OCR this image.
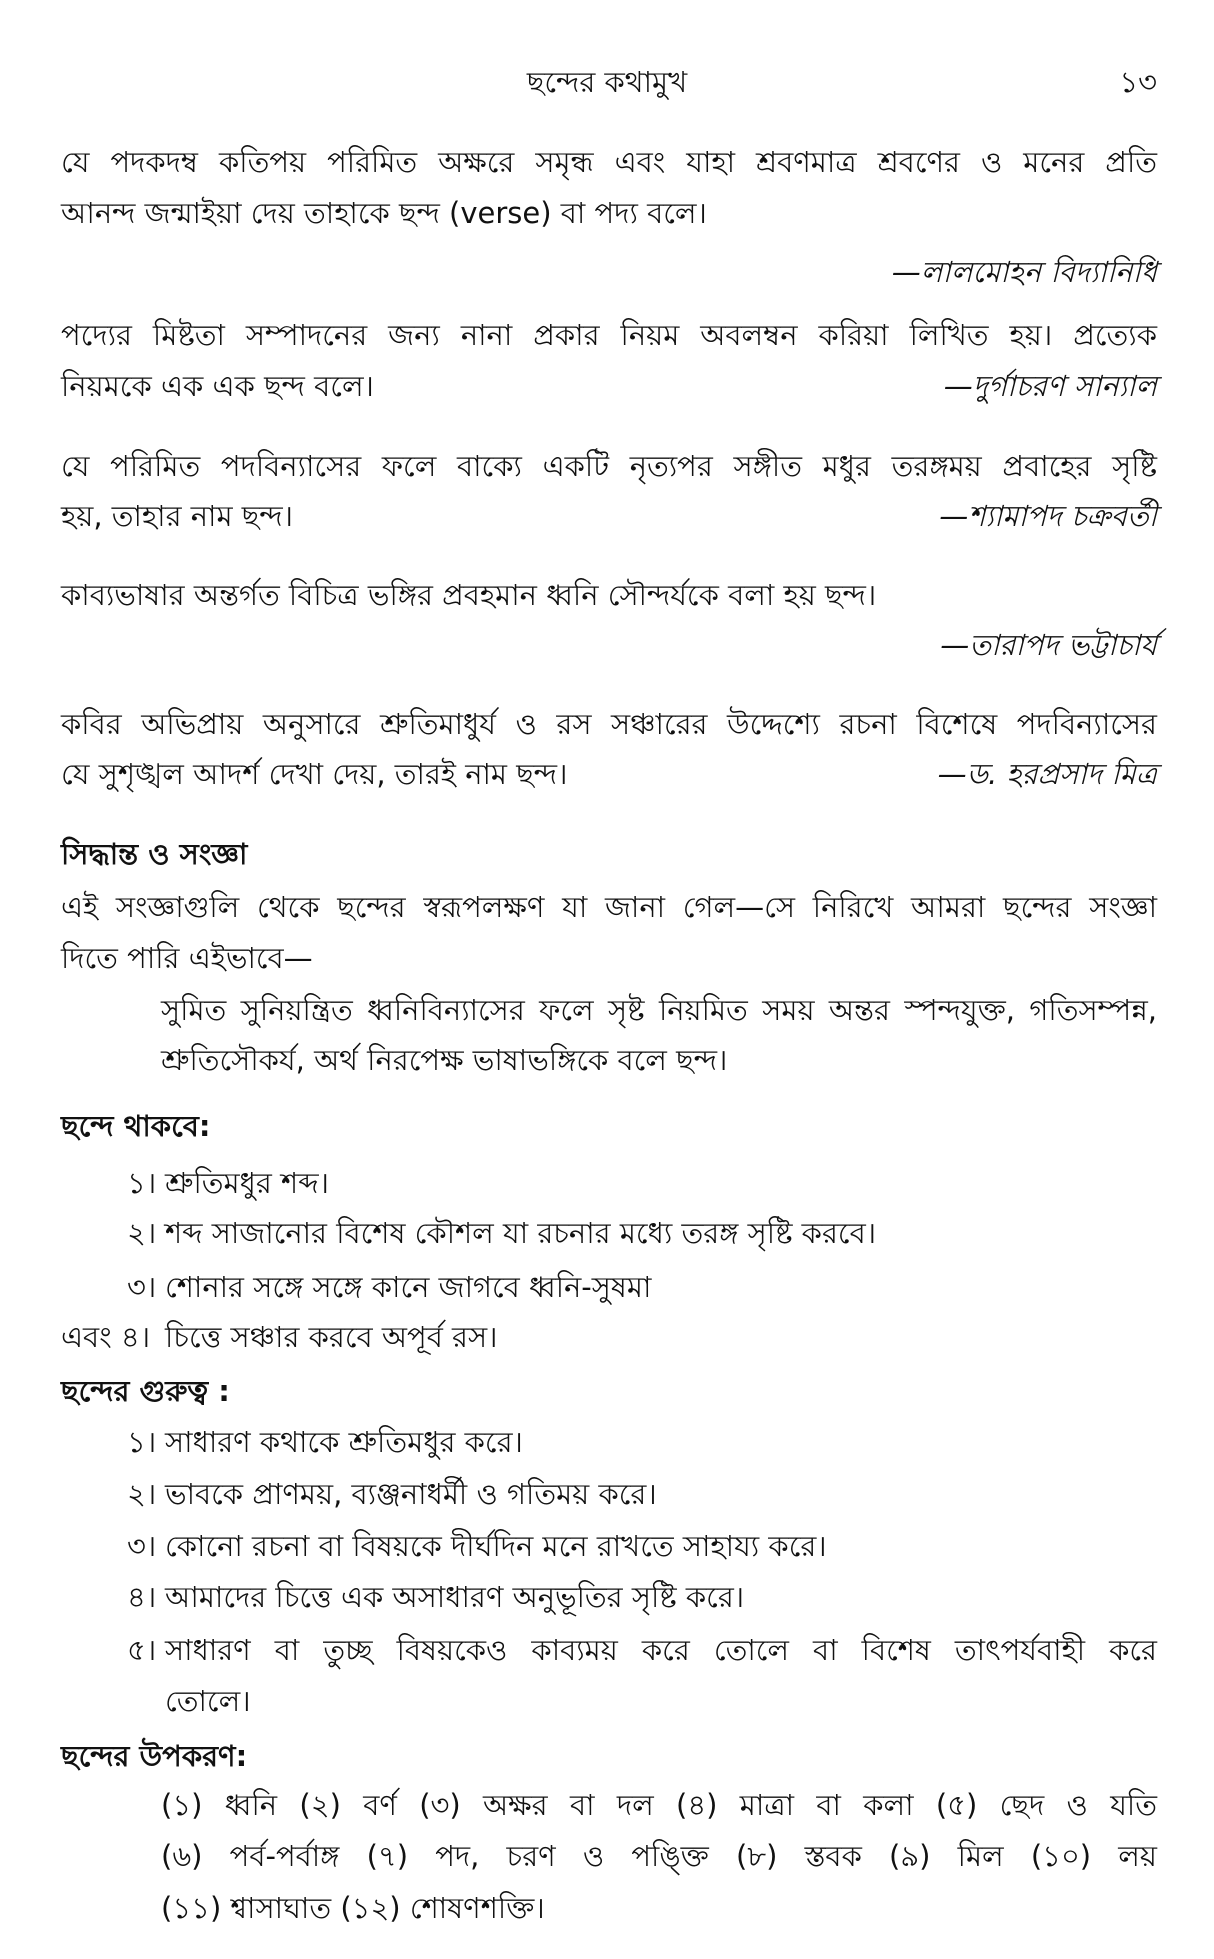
ছন্দের কথামুখ	১৩
যে পদকদম্ব কতিপয় পরিমিত অক্ষরে সমৃন্ধ এবং যাহা শ্রবণমাত্র শ্রবণের ও মনের প্রতি
আনন্দ জন্মাইয়া দেয় তাহাকে ছন্দ (verse) বা পদ্য বলে।
—লালমোহন বিদ্যানিধি
পদ্যের মিষ্টতা সম্পাদনের জন্য নানা প্রকার নিয়ম অবলম্বন করিয়া লিখিত হয়। প্রত্যেক
নিয়মকে এক এক ছন্দ বলে।	—দুর্গাচরণ সান্যাল
যে পরিমিত পদবিন্যাসের ফলে বাক্যে একটি নৃত্যপর সঙ্গীত মধুর তরঙ্গময় প্রবাহের সৃষ্টি
হয়, তাহার নাম ছন্দ।	—শ্যামাপদ চক্রবর্তী
কাব্যভাষার অন্তর্গত বিচিত্র ভঙ্গির প্রবহমান ধ্বনি সৌন্দর্যকে বলা হয় ছন্দ।
—তারাপদ ভট্টাচার্য
কবির অভিপ্রায় অনুসারে শ্রুতিমাধুর্য ও রস সঞ্চারের উদ্দেশ্যে রচনা বিশেষে পদবিন্যাসের
যে সুশৃঙ্খল আদর্শ দেখা দেয়, তারই নাম ছন্দ।	—ড. হরপ্রসাদ মিত্র
সিদ্ধান্ত ও সংজ্ঞা
এই সংজ্ঞাগুলি থেকে ছন্দের স্বরূপলক্ষণ যা জানা গেল—সে নিরিখে আমরা ছন্দের সংজ্ঞা
দিতে পারি এইভাবে—
সুমিত সুনিয়ন্ত্রিত ধ্বনিবিন্যাসের ফলে সৃষ্ট নিয়মিত সময় অন্তর স্পন্দযুক্ত, গতিসম্পন্ন,
শ্রুতিসৌকর্য, অর্থ নিরপেক্ষ ভাষাভঙ্গিকে বলে ছন্দ।
ছন্দে থাকবে:
১। শ্রুতিমধুর শব্দ।
২। শব্দ সাজানোর বিশেষ কৌশল যা রচনার মধ্যে তরঙ্গ সৃষ্টি করবে।
৩। শোনার সঙ্গে সঙ্গে কানে জাগবে ধ্বনি-সুষমা
এবং ৪। চিত্তে সঞ্চার করবে অপূর্ব রস।
ছন্দের গুরুত্ব :
১। সাধারণ কথাকে শ্রুতিমধুর করে।
২। ভাবকে প্রাণময়, ব্যঞ্জনাধর্মী ও গতিময় করে।
৩। কোনো রচনা বা বিষয়কে দীর্ঘদিন মনে রাখতে সাহায্য করে।
৪। আমাদের চিত্তে এক অসাধারণ অনুভূতির সৃষ্টি করে।
৫। সাধারণ বা তুচ্ছ বিষয়কেও কাব্যময় করে তোলে বা বিশেষ তাৎপর্যবাহী করে
তোলে।
ছন্দের উপকরণ:
(১) ধ্বনি (২) বর্ণ (৩) অক্ষর বা দল (৪) মাত্রা বা কলা (৫) ছেদ ও যতি
(৬) পর্ব-পর্বাঙ্গ (৭) পদ, চরণ ও পঙ্ক্তি (৮) স্তবক (৯) মিল (১০) লয়
(১১) শ্বাসাঘাত (১২) শোষণশক্তি।
